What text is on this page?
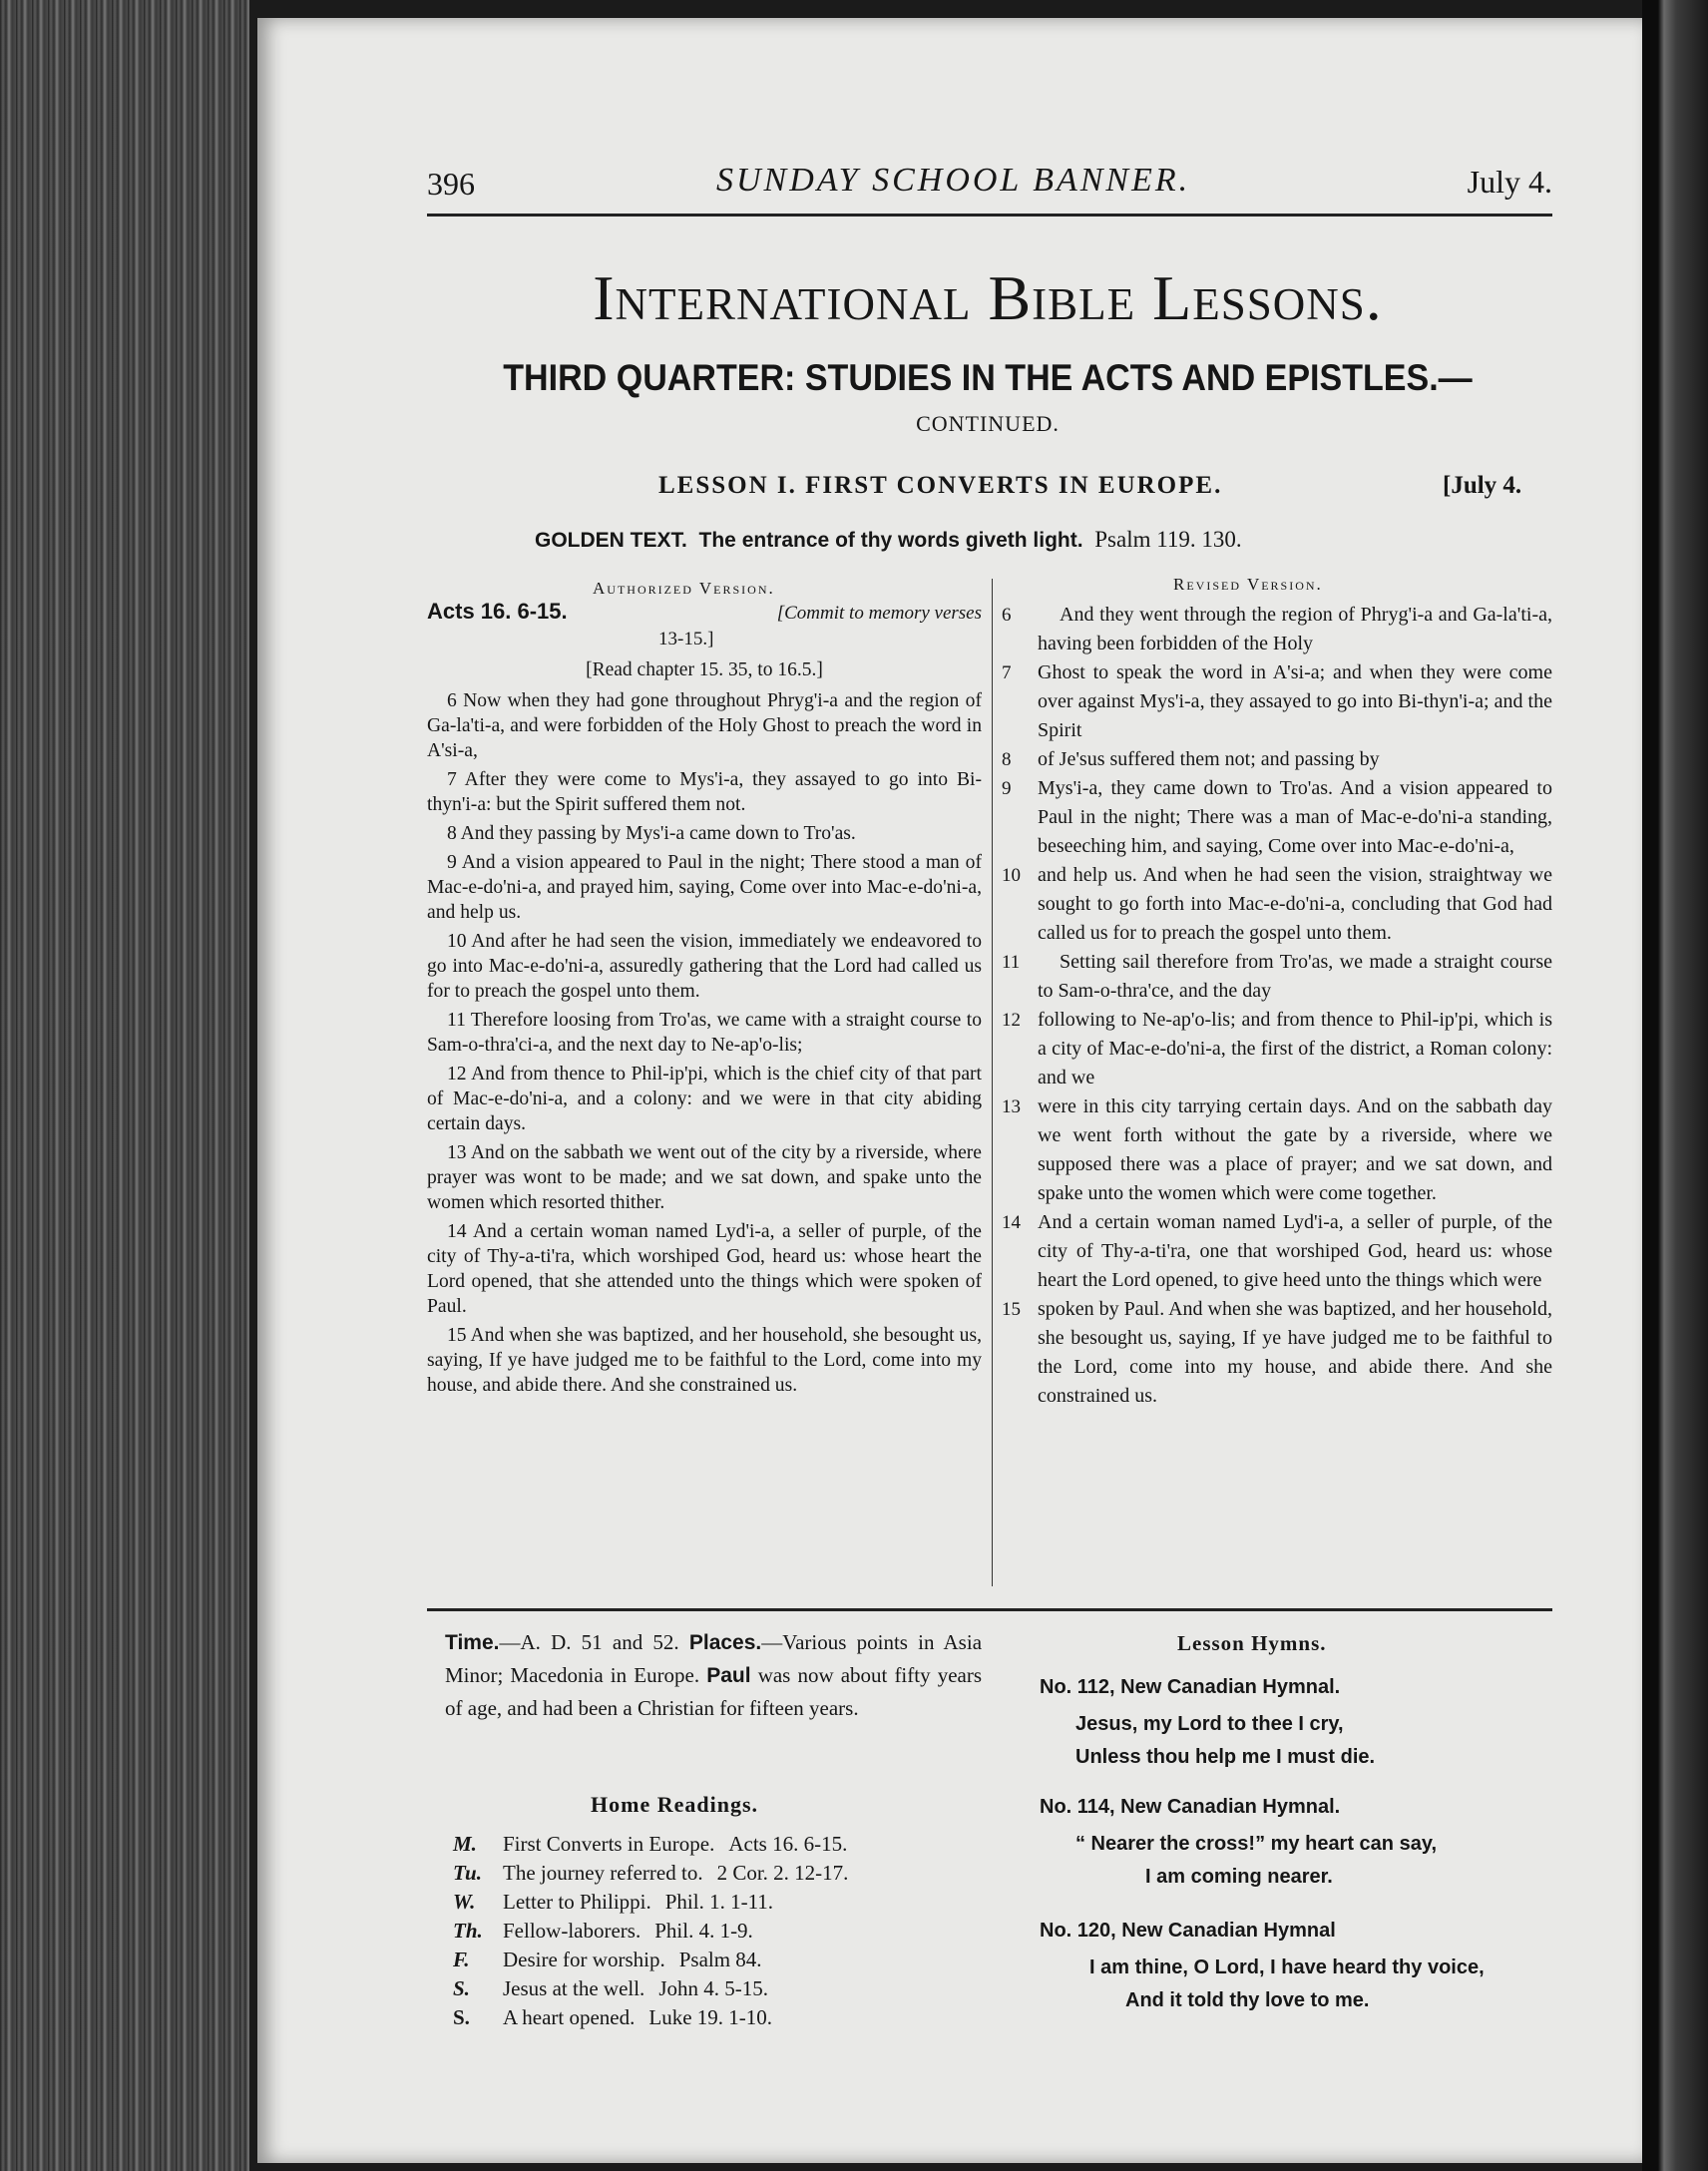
396	SUNDAY SCHOOL BANNER.	July 4.
International Bible Lessons.
THIRD QUARTER: STUDIES IN THE ACTS AND EPISTLES.—
CONTINUED.
LESSON I. FIRST CONVERTS IN EUROPE.	[July 4.
GOLDEN TEXT. The entrance of thy words giveth light. Psalm 119. 130.
Authorized Version.	Revised Version.
Acts 16. 6-15.	[Commit to memory verses
13-15.]
[Read chapter 15. 35, to 16.5.]

6 Now when they had gone throughout Phryg'i-a and the region of Ga-la'ti-a, and were forbidden of the Holy Ghost to preach the word in A'si-a,

7 After they were come to Mys'i-a, they assayed to go into Bi-thyn'i-a: but the Spirit suffered them not.

8 And they passing by Mys'i-a came down to Tro'as.

9 And a vision appeared to Paul in the night; There stood a man of Mac-e-do'ni-a, and prayed him, saying, Come over into Mac-e-do'ni-a, and help us.

10 And after he had seen the vision, immediately we endeavored to go into Mac-e-do'ni-a, assuredly gathering that the Lord had called us for to preach the gospel unto them.

11 Therefore loosing from Tro'as, we came with a straight course to Sam-o-thra'ci-a, and the next day to Ne-ap'o-lis;

12 And from thence to Phil-ip'pi, which is the chief city of that part of Mac-e-do'ni-a, and a colony: and we were in that city abiding certain days.

13 And on the sabbath we went out of the city by a riverside, where prayer was wont to be made; and we sat down, and spake unto the women which resorted thither.

14 And a certain woman named Lyd'i-a, a seller of purple, of the city of Thy-a-ti'ra, which worshiped God, heard us: whose heart the Lord opened, that she attended unto the things which were spoken of Paul.

15 And when she was baptized, and her household, she besought us, saying, If ye have judged me to be faithful to the Lord, come into my house, and abide there. And she constrained us.

6	And they went through the region of Phryg'i-a and Ga-la'ti-a, having been forbidden of the Holy
7 Ghost to speak the word in A'si-a; and when they were come over against Mys'i-a, they assayed to go into Bi-thyn'i-a; and the Spirit
8 of Je'sus suffered them not; and passing by
9 Mys'i-a, they came down to Tro'as. And a vision appeared to Paul in the night; There was a man of Mac-e-do'ni-a standing, beseeching him, and saying, Come over into Mac-e-do'ni-a,
10 and help us. And when he had seen the vision, straightway we sought to go forth into Mac-e-do'ni-a, concluding that God had called us for to preach the gospel unto them.
11	Setting sail therefore from Tro'as, we made a straight course to Sam-o-thra'ce, and the day
12 following to Ne-ap'o-lis; and from thence to Phil-ip'pi, which is a city of Mac-e-do'ni-a, the first of the district, a Roman colony: and we
13 were in this city tarrying certain days. And on the sabbath day we went forth without the gate by a riverside, where we supposed there was a place of prayer; and we sat down, and spake unto the women which were come together.
14 And a certain woman named Lyd'i-a, a seller of purple, of the city of Thy-a-ti'ra, one that worshiped God, heard us: whose heart the Lord opened, to give heed unto the things which were
15 spoken by Paul. And when she was baptized, and her household, she besought us, saying, If ye have judged me to be faithful to the Lord, come into my house, and abide there. And she constrained us.
Time.—A. D. 51 and 52. Places.—Various points in Asia Minor; Macedonia in Europe. Paul was now about fifty years of age, and had been a Christian for fifteen years.
Home Readings.
M. First Converts in Europe. Acts 16. 6-15.
Tu. The journey referred to. 2 Cor. 2. 12-17.
W. Letter to Philippi. Phil. 1. 1-11.
Th. Fellow-laborers. Phil. 4. 1-9.
F. Desire for worship. Psalm 84.
S. Jesus at the well. John 4. 5-15.
S. A heart opened. Luke 19. 1-10.
Lesson Hymns.
No. 112, New Canadian Hymnal.
Jesus, my Lord to thee I cry,
Unless thou help me I must die.
No. 114, New Canadian Hymnal.
“ Nearer the cross!” my heart can say,
I am coming nearer.
No. 120, New Canadian Hymnal
I am thine, O Lord, I have heard thy voice,
And it told thy love to me.
